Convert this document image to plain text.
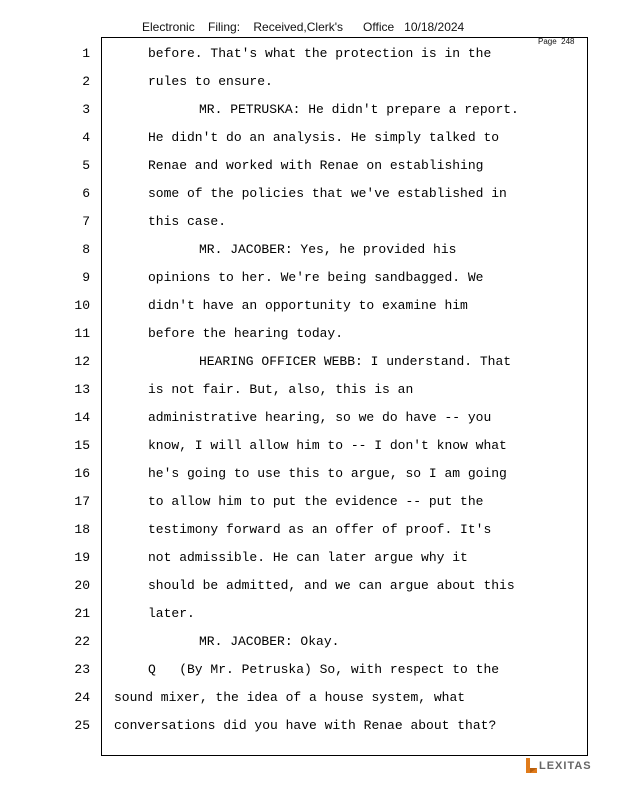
Electronic    Filing:    Received,Clerk's      Office   10/18/2024
Page  248
1	before. That's what the protection is in the
2	rules to ensure.
3	MR. PETRUSKA: He didn't prepare a report.
4	He didn't do an analysis. He simply talked to
5	Renae and worked with Renae on establishing
6	some of the policies that we've established in
7	this case.
8	MR. JACOBER: Yes, he provided his
9	opinions to her. We're being sandbagged. We
10	didn't have an opportunity to examine him
11	before the hearing today.
12	HEARING OFFICER WEBB: I understand. That
13	is not fair. But, also, this is an
14	administrative hearing, so we do have -- you
15	know, I will allow him to -- I don't know what
16	he's going to use this to argue, so I am going
17	to allow him to put the evidence -- put the
18	testimony forward as an offer of proof. It's
19	not admissible. He can later argue why it
20	should be admitted, and we can argue about this
21	later.
22	MR. JACOBER: Okay.
23	Q   (By Mr. Petruska) So, with respect to the
24 sound mixer, the idea of a house system, what
25 conversations did you have with Renae about that?
LEXITAS
